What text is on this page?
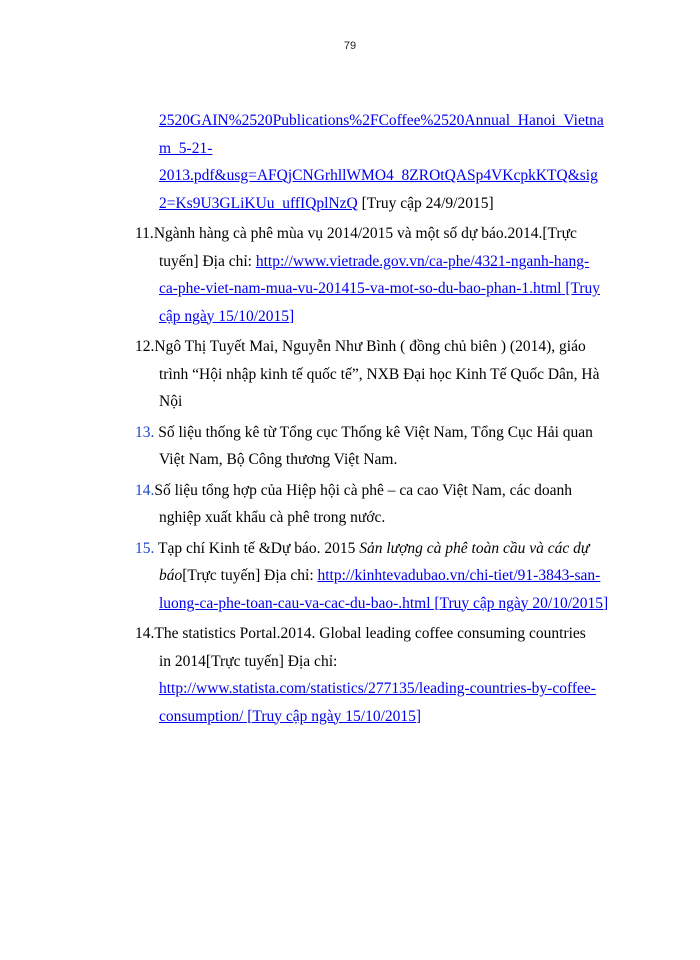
79
2520GAIN%2520Publications%2FCoffee%2520Annual_Hanoi_Vietna
m_5-21-
2013.pdf&usg=AFQjCNGrhllWMO4_8ZROtQASp4VKcpkKTQ&sig
2=Ks9U3GLiKUu_uffIQplNzQ [Truy cập 24/9/2015]
11.Ngành hàng cà phê mùa vụ 2014/2015 và một số dự báo.2014.[Trực
tuyến] Địa chỉ: http://www.vietrade.gov.vn/ca-phe/4321-nganh-hang-
ca-phe-viet-nam-mua-vu-201415-va-mot-so-du-bao-phan-1.html [Truy
cập ngày 15/10/2015]
12.Ngô Thị Tuyết Mai, Nguyễn Như Bình ( đồng chủ biên ) (2014), giáo
trình “Hội nhập kinh tế quốc tế”, NXB Đại học Kinh Tế Quốc Dân, Hà
Nội
13. Số liệu thống kê từ Tổng cục Thống kê Việt Nam, Tổng Cục Hải quan
Việt Nam, Bộ Công thương Việt Nam.
14.Số liệu tổng hợp của Hiệp hội cà phê – ca cao Việt Nam, các doanh
nghiệp xuất khẩu cà phê trong nước.
15. Tạp chí Kinh tế &Dự báo. 2015 Sản lượng cà phê toàn cầu và các dự
báo[Trực tuyến] Địa chỉ: http://kinhtevadubao.vn/chi-tiet/91-3843-san-
luong-ca-phe-toan-cau-va-cac-du-bao-.html [Truy cập ngày 20/10/2015]
14.The statistics Portal.2014. Global leading coffee consuming countries
in 2014[Trực tuyến] Địa chỉ:
http://www.statista.com/statistics/277135/leading-countries-by-coffee-
consumption/ [Truy cập ngày 15/10/2015]
